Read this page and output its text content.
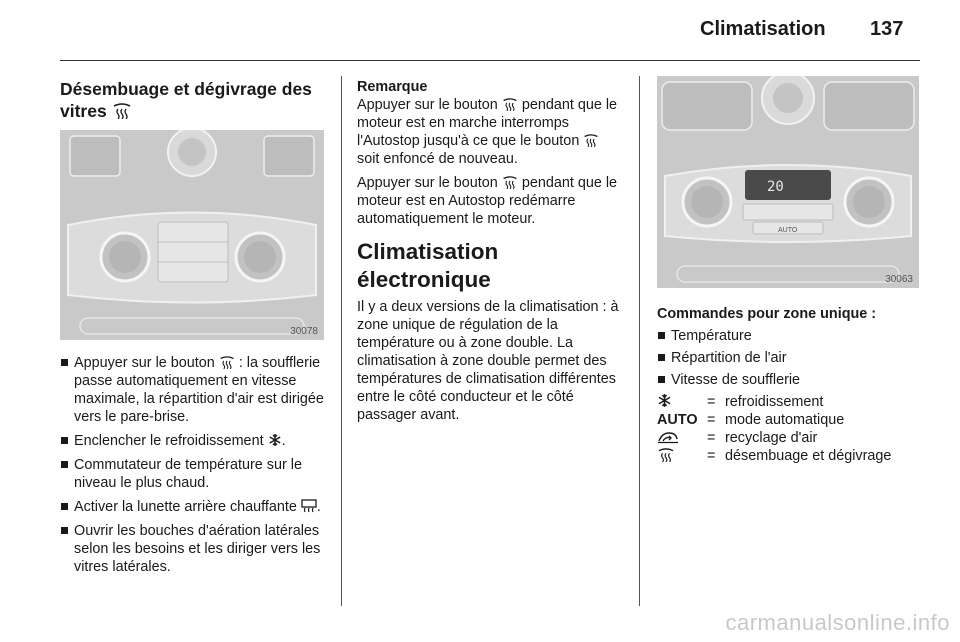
Climatisation 137
Désembuage et dégivrage des vitres
30078
Appuyer sur le bouton : la soufflerie passe automatiquement en vitesse maximale, la répartition d'air est dirigée vers le pare-brise.
Enclencher le refroidissement .
Commutateur de température sur le niveau le plus chaud.
Activer la lunette arrière chauffante .
Ouvrir les bouches d'aération latérales selon les besoins et les diriger vers les vitres latérales.
Remarque

Appuyer sur le bouton pendant que le moteur est en marche interromps l'Autostop jusqu'à ce que le bouton  soit enfoncé de nouveau.

Appuyer sur le bouton pendant que le moteur est en Autostop redémarre automatiquement le moteur.

Climatisation électronique

Il y a deux versions de la climatisation : à zone unique de régulation de la température ou à zone double. La climatisation à zone double permet des températures de climatisation différentes entre le côté conducteur et le côté passager avant.

20
AUTO
30063
Commandes pour zone unique :
Température
Répartition de l'air
Vitesse de soufflerie
	=	refroidissement
AUTO	=	mode automatique
	=	recyclage d'air
	=	désembuage et dégivrage
carmanualsonline.info
